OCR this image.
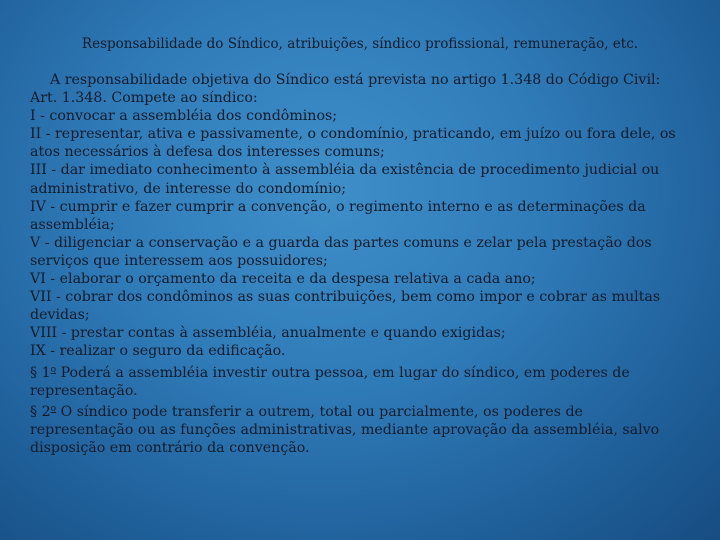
Responsabilidade do Síndico, atribuições, síndico profissional, remuneração, etc.

A responsabilidade objetiva do Síndico está prevista no artigo 1.348 do Código Civil:

Art. 1.348. Compete ao síndico:

I - convocar a assembléia dos condôminos;

II - representar, ativa e passivamente, o condomínio, praticando, em juízo ou fora dele, os atos necessários à defesa dos interesses comuns;

III - dar imediato conhecimento à assembléia da existência de procedimento judicial ou administrativo, de interesse do condomínio;

IV - cumprir e fazer cumprir a convenção, o regimento interno e as determinações da assembléia;

V - diligenciar a conservação e a guarda das partes comuns e zelar pela prestação dos serviços que interessem aos possuidores;

VI - elaborar o orçamento da receita e da despesa relativa a cada ano;

VII - cobrar dos condôminos as suas contribuições, bem como impor e cobrar as multas devidas;

VIII - prestar contas à assembléia, anualmente e quando exigidas;

IX - realizar o seguro da edificação.

§ 1$^o$ Poderá a assembléia investir outra pessoa, em lugar do síndico, em poderes de representação.

§ 2$^o$ O síndico pode transferir a outrem, total ou parcialmente, os poderes de representação ou as funções administrativas, mediante aprovação da assembléia, salvo disposição em contrário da convenção.
